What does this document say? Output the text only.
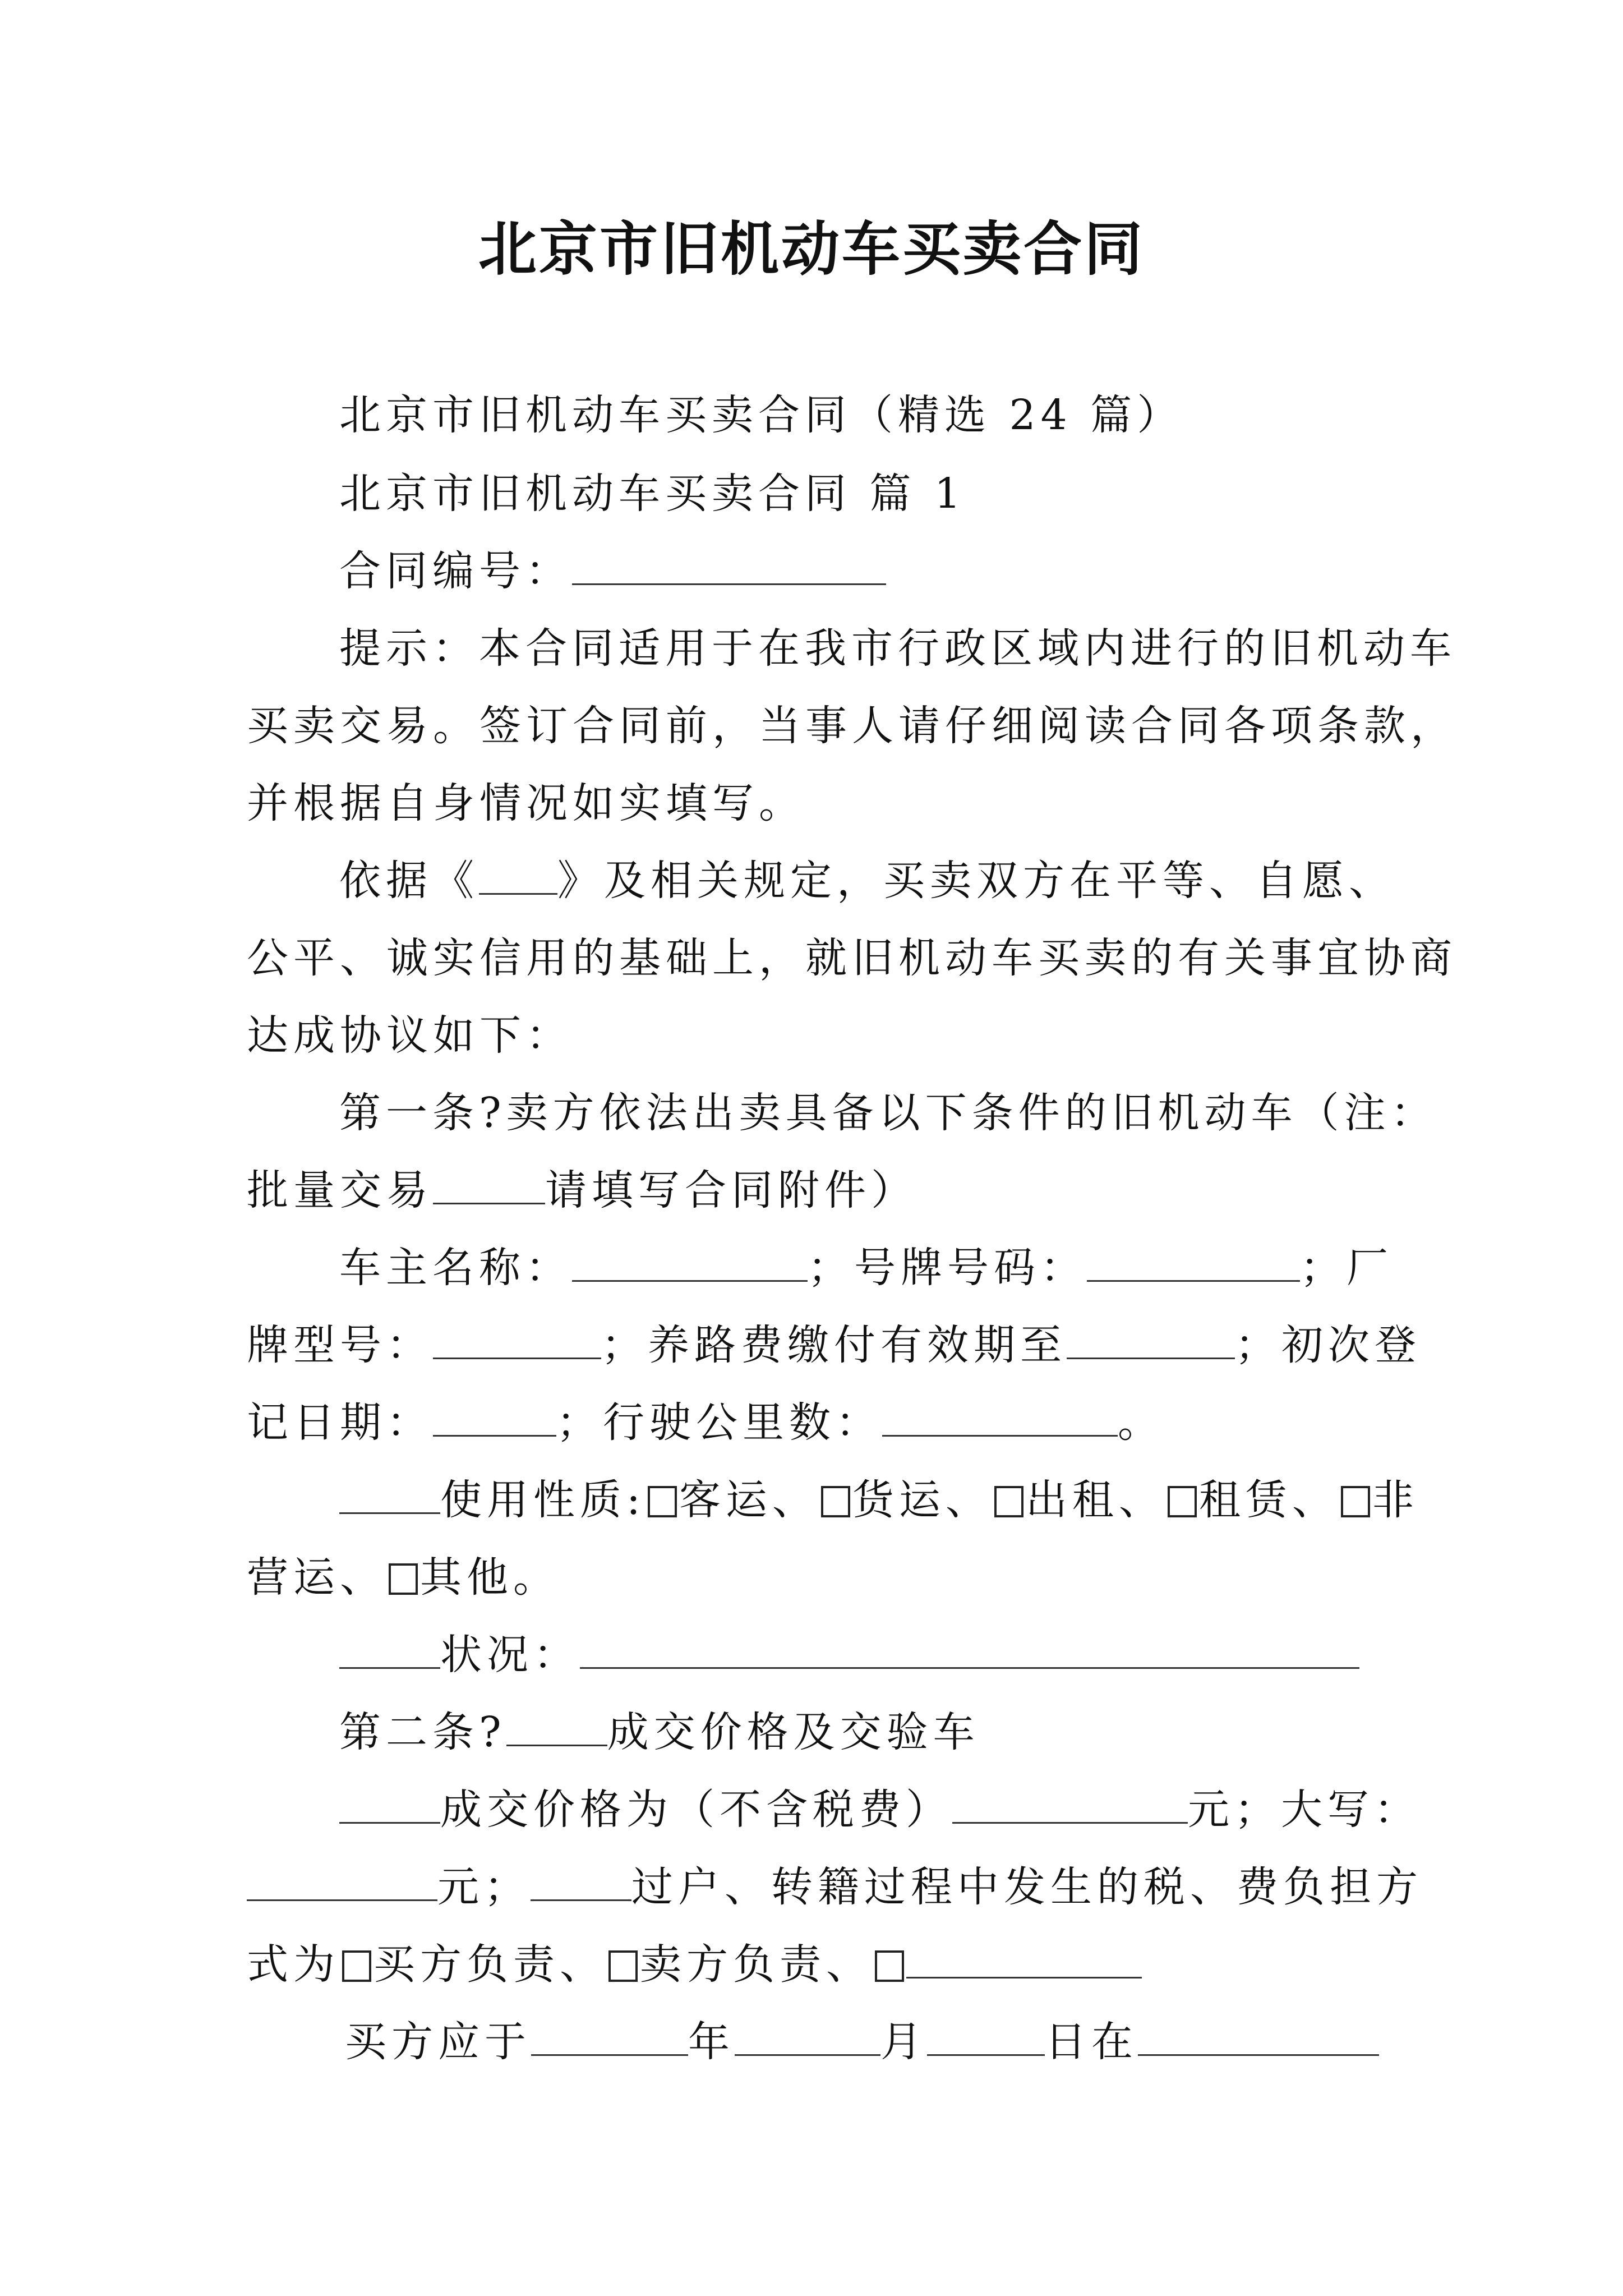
北京市旧机动车买卖合同
北京市旧机动车买卖合同（精选 24 篇）
北京市旧机动车买卖合同 篇 1
合同编号：
提示：本合同适用于在我市行政区域内进行的旧机动车
买卖交易。签订合同前，当事人请仔细阅读合同各项条款，
并根据自身情况如实填写。
依据《 》及相关规定，买卖双方在平等、自愿、
公平、诚实信用的基础上，就旧机动车买卖的有关事宜协商
达成协议如下：
第一条?卖方依法出卖具备以下条件的旧机动车（注：
批量交易	请填写合同附件）
车主名称：	；号牌号码：	；厂
牌型号：	；养路费缴付有效期至	；初次登
记日期：	；行驶公里数：	。
使用性质: 客运、 货运、 出租、 租赁、 非
营运、 其他。
状况：
第二条? 成交价格及交验车
成交价格为（不含税费）	元；大写：
元； 过户、转籍过程中发生的税、费负担方
式为 买方负责、 卖方负责、
买方应于	年	月	日在
